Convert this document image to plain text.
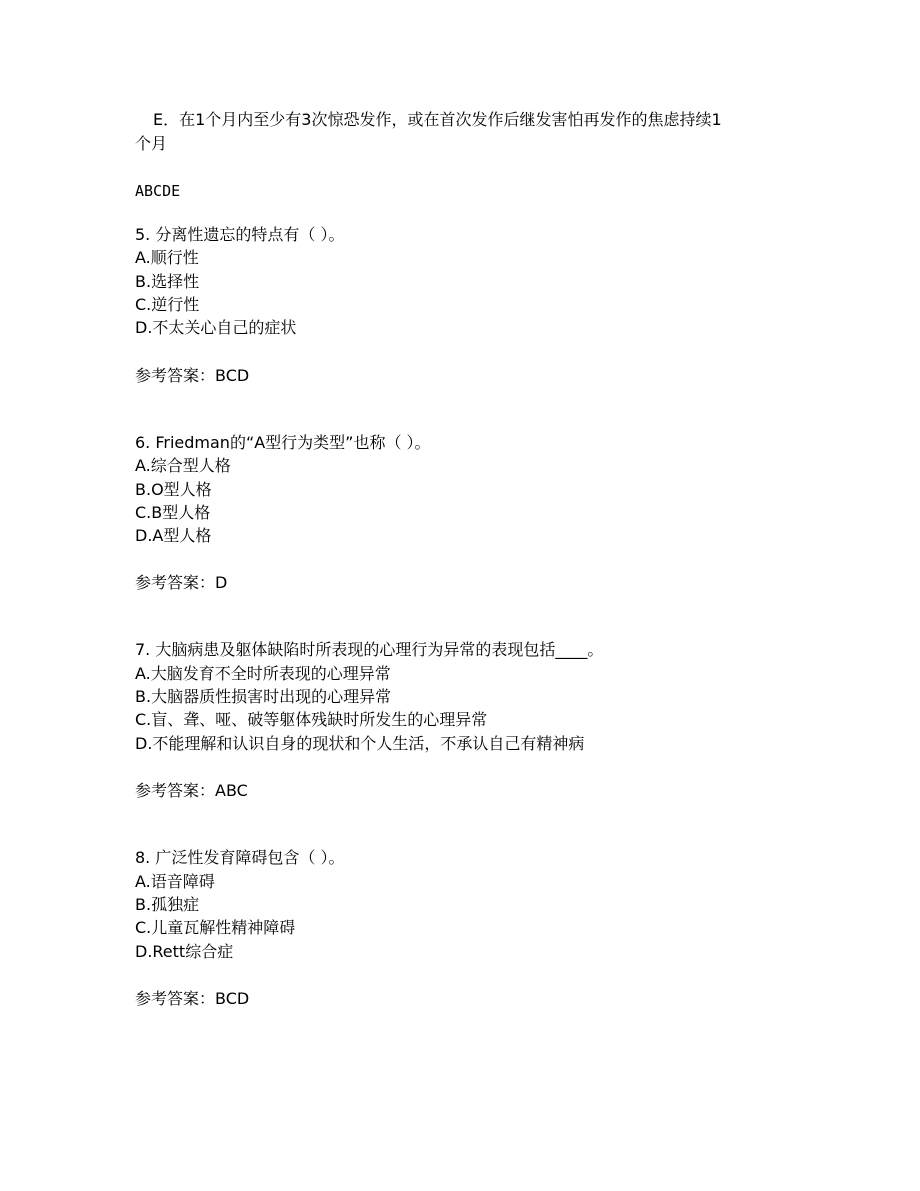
E．在1个月内至少有3次惊恐发作，或在首次发作后继发害怕再发作的焦虑持续1
个月
ABCDE
5. 分离性遗忘的特点有（ ）。
A.顺行性
B.选择性
C.逆行性
D.不太关心自己的症状
参考答案：BCD
6. Friedman的“A型行为类型”也称（ ）。
A.综合型人格
B.O型人格
C.B型人格
D.A型人格
参考答案：D
7. 大脑病患及躯体缺陷时所表现的心理行为异常的表现包括____。
A.大脑发育不全时所表现的心理异常
B.大脑器质性损害时出现的心理异常
C.盲、聋、哑、破等躯体残缺时所发生的心理异常
D.不能理解和认识自身的现状和个人生活，不承认自己有精神病
参考答案：ABC
8. 广泛性发育障碍包含（ ）。
A.语音障碍
B.孤独症
C.儿童瓦解性精神障碍
D.Rett综合症
参考答案：BCD
